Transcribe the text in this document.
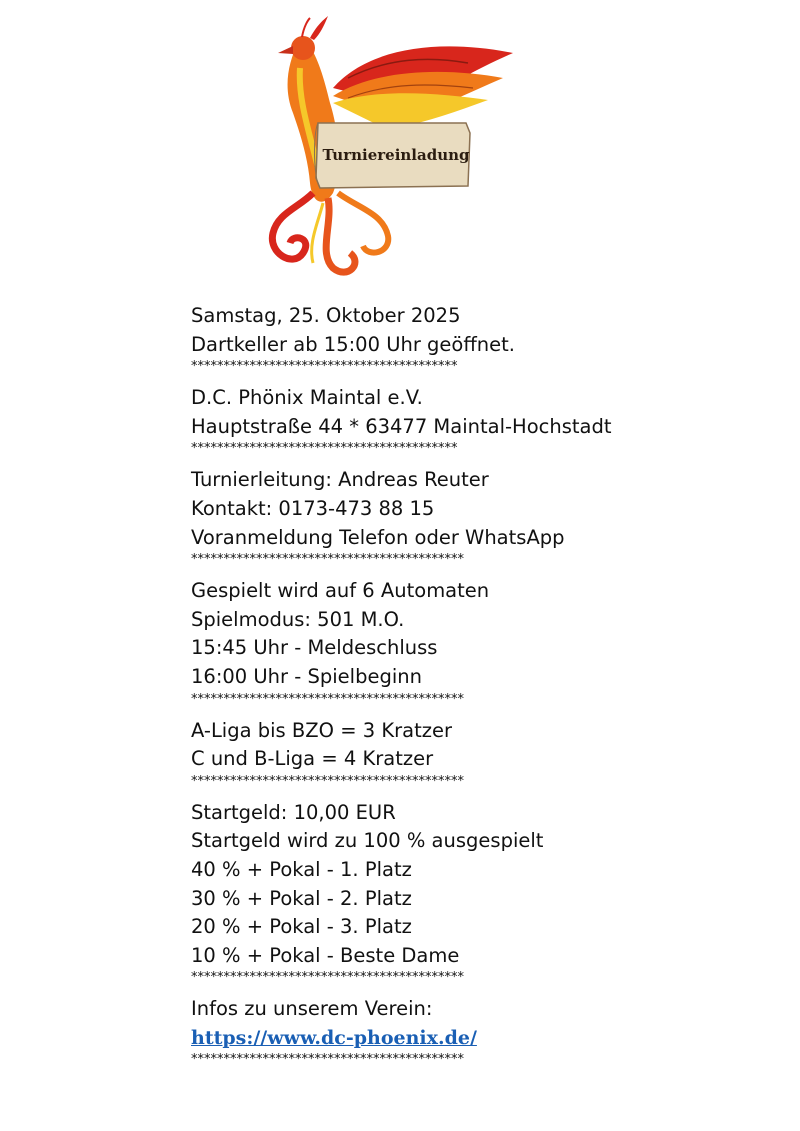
Turniereinladung
Samstag, 25. Oktober 2025
Dartkeller ab 15:00 Uhr geöffnet.
*****************************************
D.C. Phönix Maintal e.V.
Hauptstraße 44 * 63477 Maintal-Hochstadt
*****************************************
Turnierleitung: Andreas Reuter
Kontakt: 0173-473 88 15
Voranmeldung Telefon oder WhatsApp
******************************************
Gespielt wird auf 6 Automaten
Spielmodus: 501 M.O.
15:45 Uhr - Meldeschluss
16:00 Uhr - Spielbeginn
******************************************
A-Liga bis BZO = 3 Kratzer
C und B-Liga = 4 Kratzer
******************************************
Startgeld: 10,00 EUR
Startgeld wird zu 100 % ausgespielt
40 % + Pokal - 1. Platz
30 % + Pokal - 2. Platz
20 % + Pokal - 3. Platz
10 % + Pokal - Beste Dame
******************************************
Infos zu unserem Verein:
https://www.dc-phoenix.de/
******************************************
